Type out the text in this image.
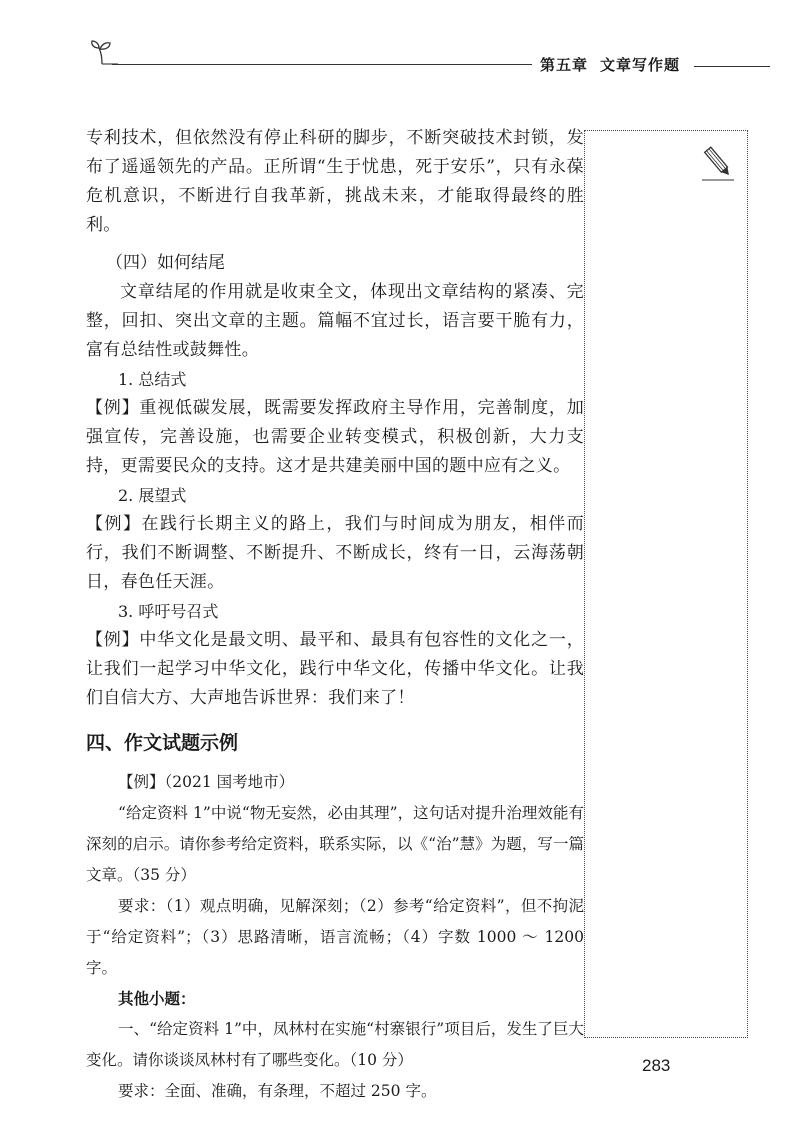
第五章 文章写作题

专利技术，但依然没有停止科研的脚步，不断突破技术封锁，发布了遥遥领先的产品。正所谓“生于忧患，死于安乐”，只有永葆危机意识，不断进行自我革新，挑战未来，才能取得最终的胜利。

（四）如何结尾

文章结尾的作用就是收束全文，体现出文章结构的紧凑、完整，回扣、突出文章的主题。篇幅不宜过长，语言要干脆有力，富有总结性或鼓舞性。

1. 总结式

【例】重视低碳发展，既需要发挥政府主导作用，完善制度，加强宣传，完善设施，也需要企业转变模式，积极创新，大力支持，更需要民众的支持。这才是共建美丽中国的题中应有之义。

2. 展望式

【例】在践行长期主义的路上，我们与时间成为朋友，相伴而行，我们不断调整、不断提升、不断成长，终有一日，云海荡朝日，春色任天涯。

3. 呼吁号召式

【例】中华文化是最文明、最平和、最具有包容性的文化之一，让我们一起学习中华文化，践行中华文化，传播中华文化。让我们自信大方、大声地告诉世界：我们来了！

四、作文试题示例

【例】（2021 国考地市）

“给定资料 1”中说“物无妄然，必由其理”，这句话对提升治理效能有深刻的启示。请你参考给定资料，联系实际，以《“治”慧》为题，写一篇文章。（35 分）

要求：（1）观点明确，见解深刻；（2）参考“给定资料”，但不拘泥于“给定资料”；（3）思路清晰，语言流畅；（4）字数 1000 ～ 1200 字。

其他小题：

一、“给定资料 1”中，凤林村在实施“村寨银行”项目后，发生了巨大变化。请你谈谈凤林村有了哪些变化。（10 分）

要求：全面、准确，有条理，不超过 250 字。

283
